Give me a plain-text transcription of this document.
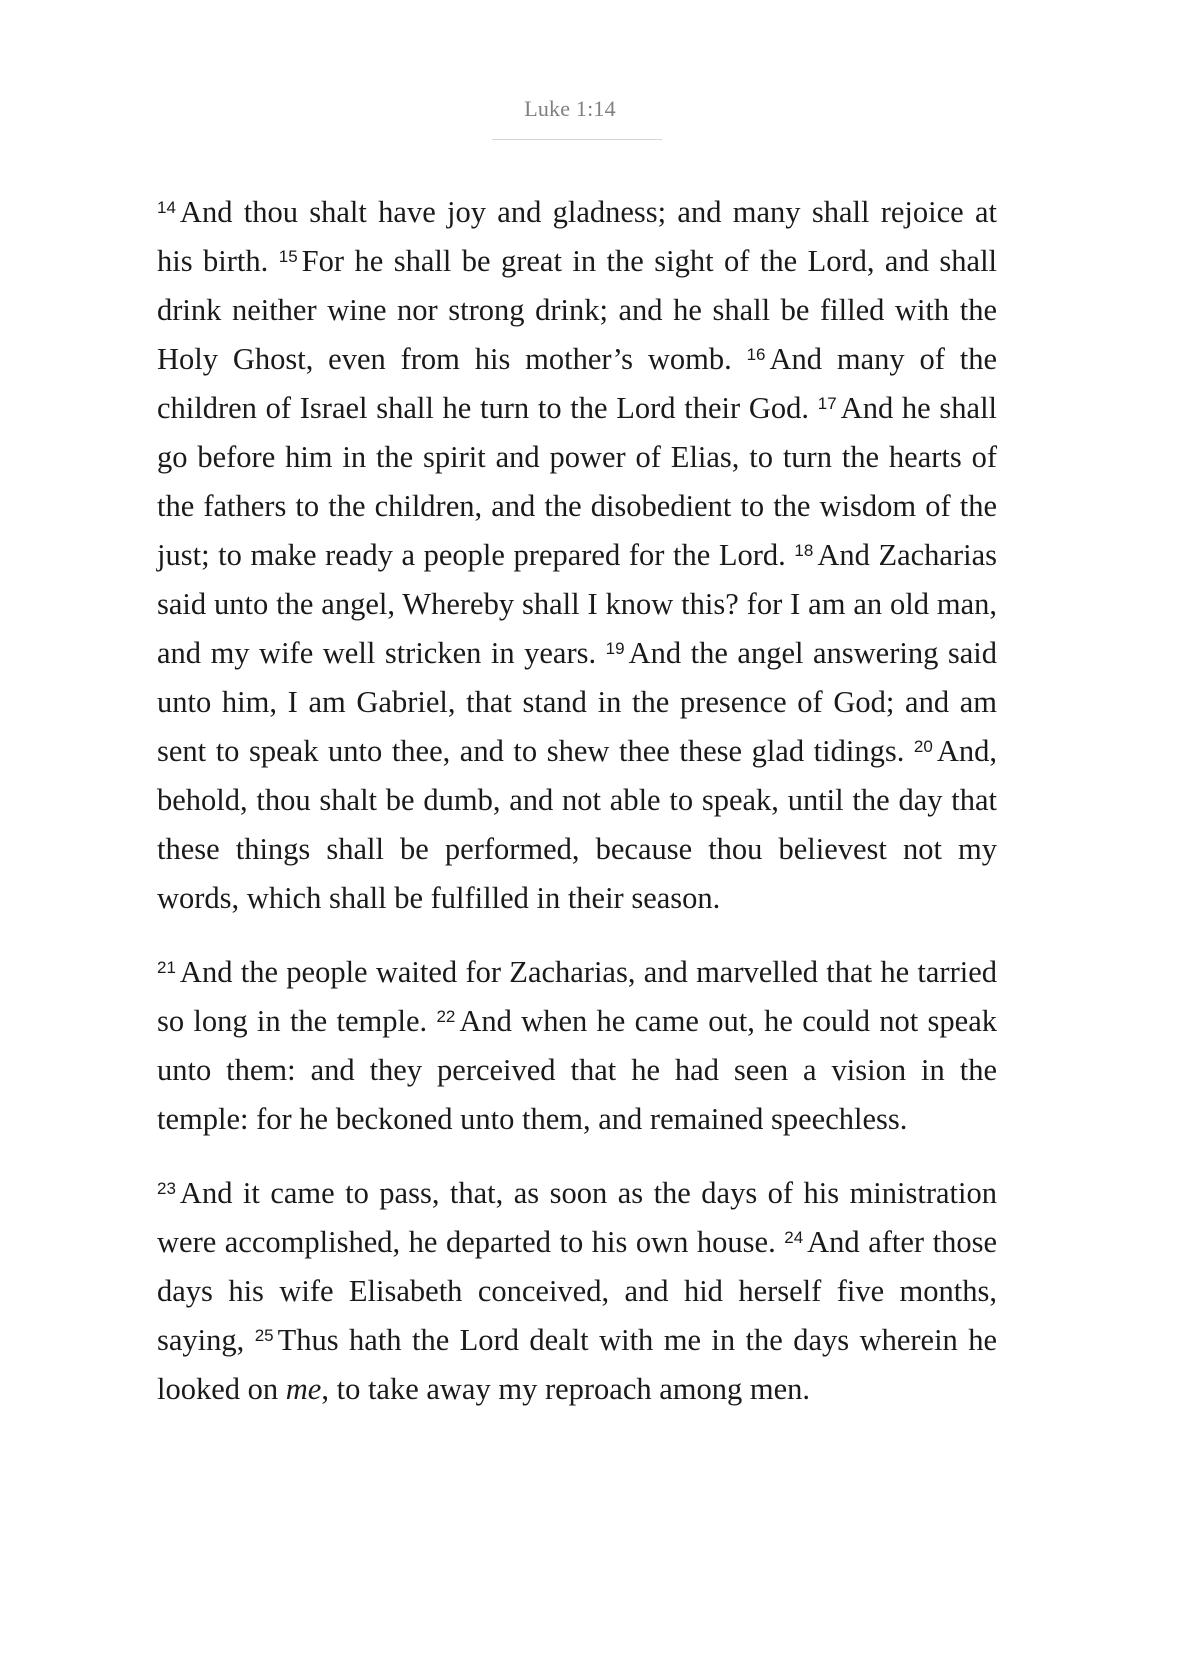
Luke 1:14

$^{14}$ And thou shalt have joy and gladness; and many shall rejoice at his birth. $^{15}$ For he shall be great in the sight of the Lord, and shall drink neither wine nor strong drink; and he shall be filled with the Holy Ghost, even from his mother’s womb. $^{16}$ And many of the children of Israel shall he turn to the Lord their God. $^{17}$ And he shall go before him in the spirit and power of Elias, to turn the hearts of the fathers to the children, and the disobedient to the wisdom of the just; to make ready a people prepared for the Lord. $^{18}$ And Zacharias said unto the angel, Whereby shall I know this? for I am an old man, and my wife well stricken in years. $^{19}$ And the angel answering said unto him, I am Gabriel, that stand in the presence of God; and am sent to speak unto thee, and to shew thee these glad tidings. $^{20}$ And, behold, thou shalt be dumb, and not able to speak, until the day that these things shall be performed, because thou believest not my words, which shall be fulfilled in their season.

$^{21}$ And the people waited for Zacharias, and marvelled that he tarried so long in the temple. $^{22}$ And when he came out, he could not speak unto them: and they perceived that he had seen a vision in the temple: for he beckoned unto them, and remained speechless.

$^{23}$ And it came to pass, that, as soon as the days of his ministration were accomplished, he departed to his own house. $^{24}$ And after those days his wife Elisabeth conceived, and hid herself five months, saying, $^{25}$ Thus hath the Lord dealt with me in the days wherein he looked on me, to take away my reproach among men.
